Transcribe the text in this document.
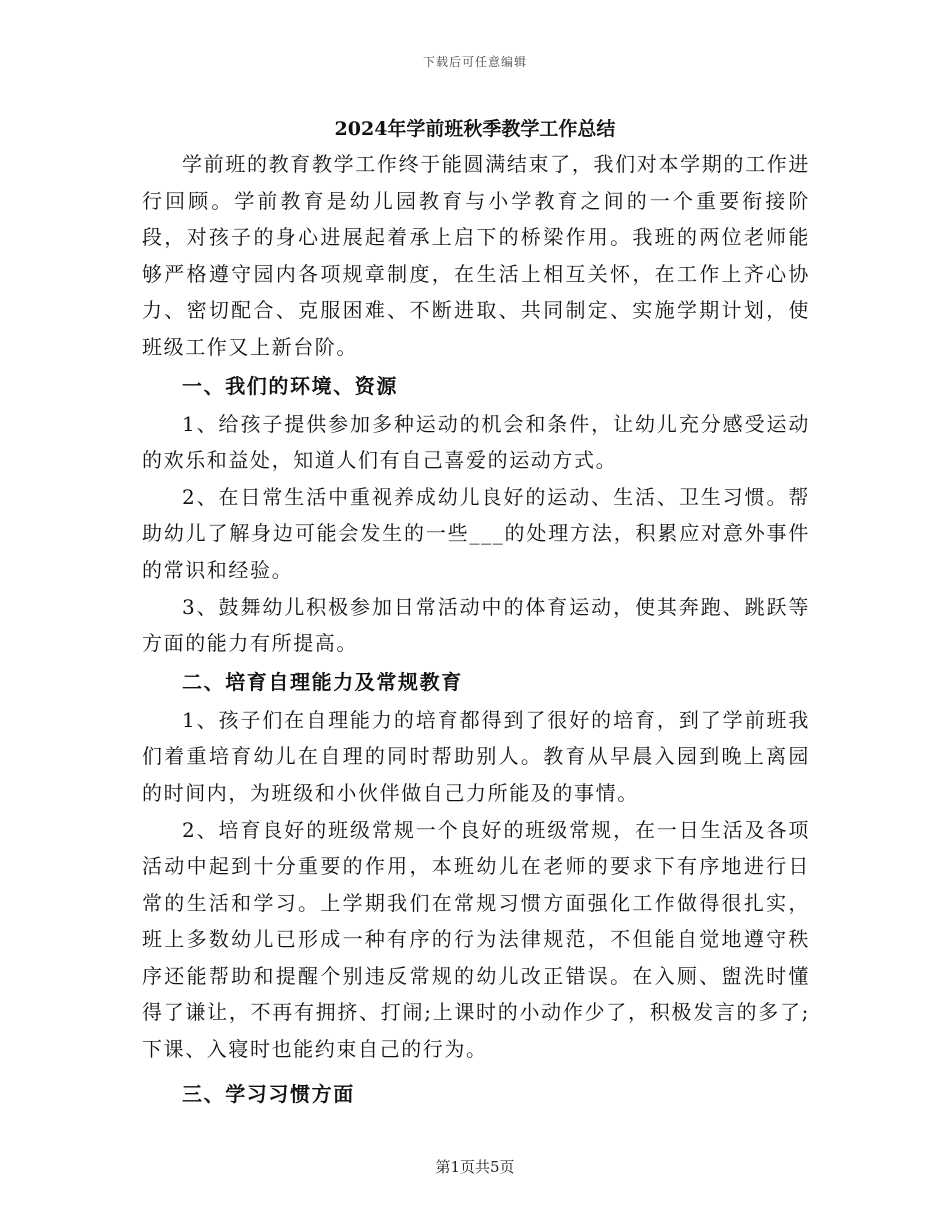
下载后可任意编辑
2024年学前班秋季教学工作总结

学前班的教育教学工作终于能圆满结束了，我们对本学期的工作进行回顾。学前教育是幼儿园教育与小学教育之间的一个重要衔接阶段，对孩子的身心进展起着承上启下的桥梁作用。我班的两位老师能够严格遵守园内各项规章制度，在生活上相互关怀，在工作上齐心协力、密切配合、克服困难、不断进取、共同制定、实施学期计划，使班级工作又上新台阶。

一、我们的环境、资源

1、给孩子提供参加多种运动的机会和条件，让幼儿充分感受运动的欢乐和益处，知道人们有自己喜爱的运动方式。

2、在日常生活中重视养成幼儿良好的运动、生活、卫生习惯。帮助幼儿了解身边可能会发生的一些___的处理方法，积累应对意外事件的常识和经验。

3、鼓舞幼儿积极参加日常活动中的体育运动，使其奔跑、跳跃等方面的能力有所提高。

二、培育自理能力及常规教育

1、孩子们在自理能力的培育都得到了很好的培育，到了学前班我们着重培育幼儿在自理的同时帮助别人。教育从早晨入园到晚上离园的时间内，为班级和小伙伴做自己力所能及的事情。

2、培育良好的班级常规一个良好的班级常规，在一日生活及各项活动中起到十分重要的作用，本班幼儿在老师的要求下有序地进行日常的生活和学习。上学期我们在常规习惯方面强化工作做得很扎实，班上多数幼儿已形成一种有序的行为法律规范，不但能自觉地遵守秩序还能帮助和提醒个别违反常规的幼儿改正错误。在入厕、盥洗时懂得了谦让，不再有拥挤、打闹;上课时的小动作少了，积极发言的多了;下课、入寝时也能约束自己的行为。

三、学习习惯方面
第1页共5页
